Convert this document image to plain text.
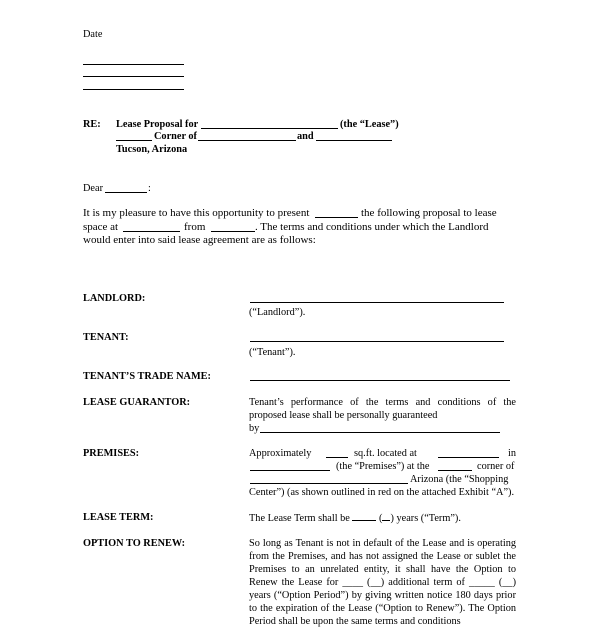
Date
RE: Lease Proposal for	(the “Lease”)
Corner of	and
Tucson, Arizona
Dear	:
It is my pleasure to have this opportunity to present	the following proposal to lease
space at	from	. The terms and conditions under which the Landlord
would enter into said lease agreement are as follows:
LANDLORD:
(“Landlord”).
TENANT:
(“Tenant”).
TENANT’S TRADE NAME:
LEASE GUARANTOR:	Tenant’s performance of the terms and conditions of the proposed lease shall be personally guaranteed
by
PREMISES:	Approximately	sq.ft. located at	in
(the “Premises”) at the	corner of
Arizona (the “Shopping
Center”) (as shown outlined in red on the attached Exhibit “A”).
LEASE TERM:	The Lease Term shall be	( ) years (“Term”).
OPTION TO RENEW:	So long as Tenant is not in default of the Lease and is operating from the Premises, and has not assigned the Lease or sublet the Premises to an unrelated entity, it shall have the Option to Renew the Lease for ____ (__) additional term of _____ (__) years (“Option Period”) by giving written notice 180 days prior to the expiration of the Lease (“Option to Renew”). The Option Period shall be upon the same terms and conditions
